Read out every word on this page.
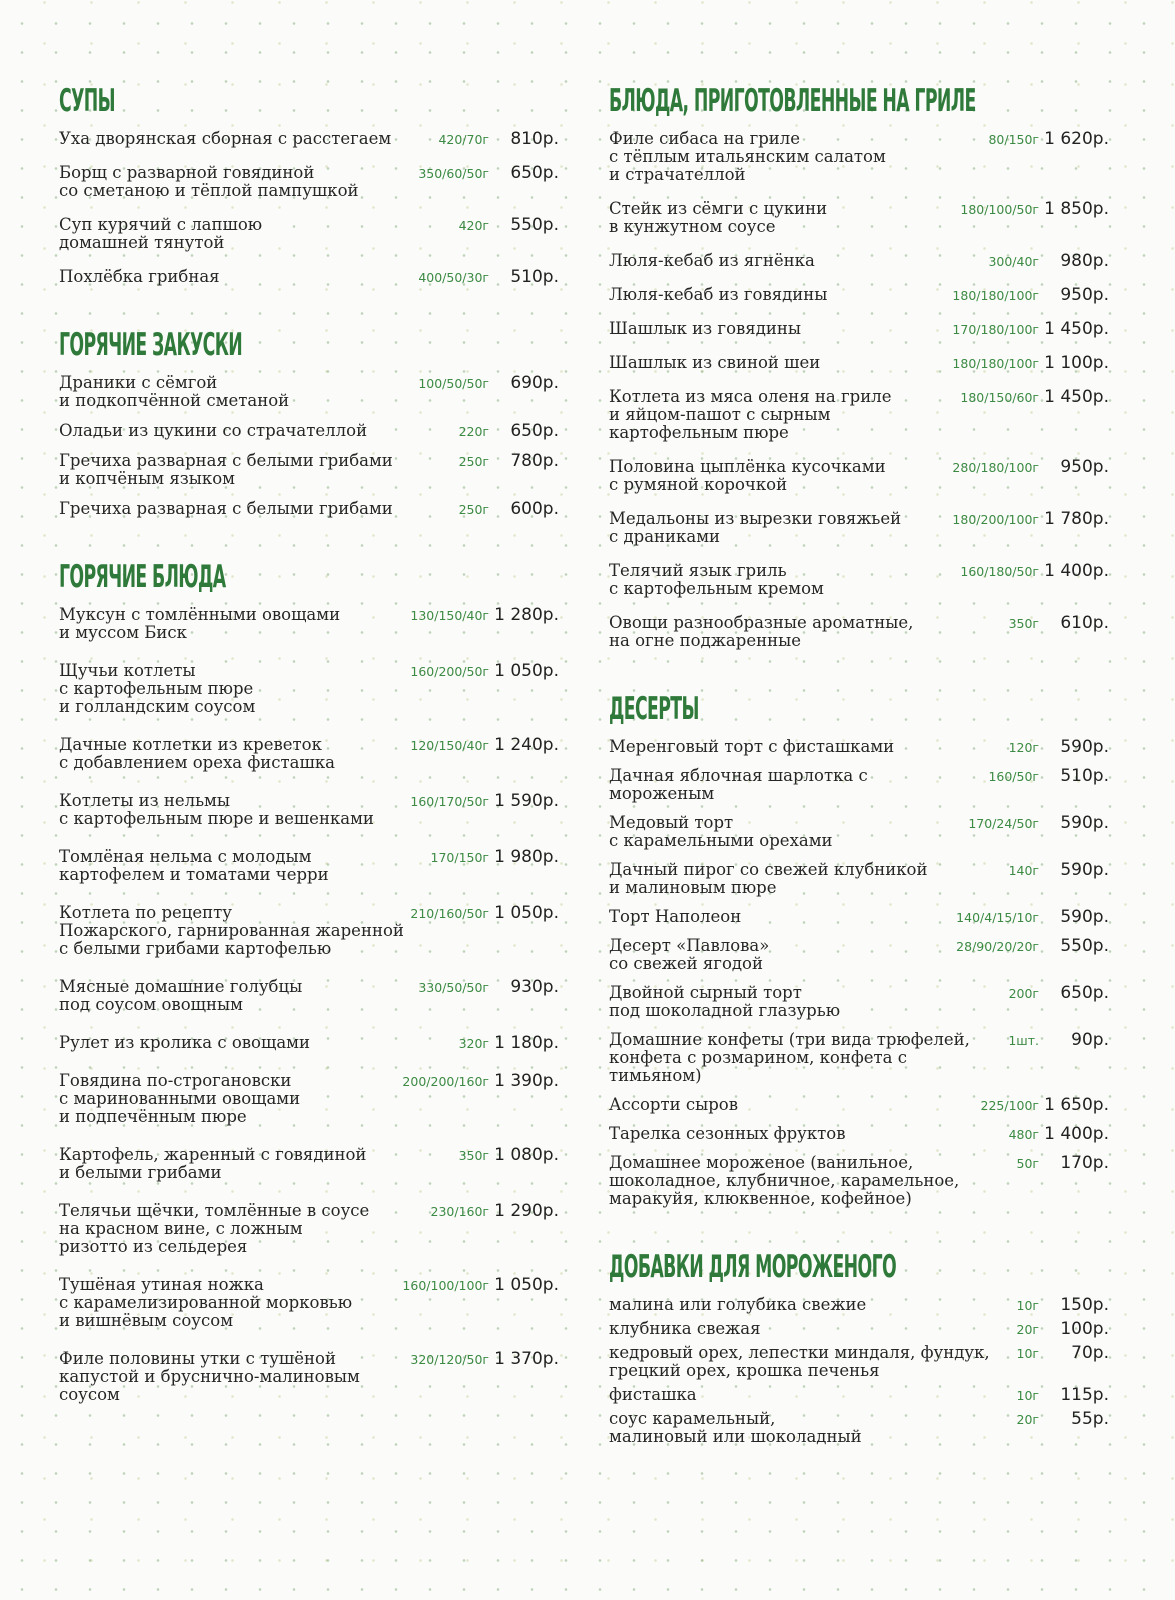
СУПЫ
Уха дворянская сборная с расстегаем	420/70г 810р.
Борщ с разварной говядиной
со сметаною и тёплой пампушкой
350/60/50г 650р.
Суп курячий с лапшою
домашней тянутой
420г 550р.
Похлёбка грибная	400/50/30г 510р.
ГОРЯЧИЕ ЗАКУСКИ
Драники с сёмгой
и подкопчённой сметаной
100/50/50г 690р.
Оладьи из цукини со страчателлой	220г 650р.
Гречиха разварная с белыми грибами
и копчёным языком
250г 780р.
Гречиха разварная с белыми грибами	250г 600р.
ГОРЯЧИЕ БЛЮДА
Муксун с томлёнными овощами
и муссом Биск
130/150/40г 1 280р.
Щучьи котлеты
с картофельным пюре
и голландским соусом
160/200/50г 1 050р.
Дачные котлетки из креветок
с добавлением ореха фисташка
120/150/40г 1 240р.
Котлеты из нельмы
с картофельным пюре и вешенками
160/170/50г 1 590р.
Томлёная нельма с молодым
картофелем и томатами черри
170/150г 1 980р.
Котлета по рецепту
Пожарского, гарнированная жаренной
с белыми грибами картофелью
210/160/50г 1 050р.
Мясные домашние голубцы
под соусом овощным
330/50/50г 930р.
Рулет из кролика с овощами	320г 1 180р.
Говядина по-строгановски
с маринованными овощами
и подпечённым пюре
200/200/160г 1 390р.
Картофель, жаренный с говядиной
и белыми грибами
350г 1 080р.
Телячьи щёчки, томлённые в соусе
на красном вине, с ложным
ризотто из сельдерея
230/160г 1 290р.
Тушёная утиная ножка
с карамелизированной морковью
и вишнёвым соусом
160/100/100г 1 050р.
Филе половины утки с тушёной
капустой и бруснично-малиновым
соусом
320/120/50г 1 370р.
БЛЮДА, ПРИГОТОВЛЕННЫЕ НА ГРИЛЕ
Филе сибаса на гриле
с тёплым итальянским салатом
и страчателлой
80/150г 1 620р.
Стейк из сёмги с цукини
в кунжутном соусе
180/100/50г 1 850р.
Люля-кебаб из ягнёнка	300/40г 980р.
Люля-кебаб из говядины	180/180/100г 950р.
Шашлык из говядины	170/180/100г 1 450р.
Шашлык из свиной шеи	180/180/100г 1 100р.
Котлета из мяса оленя на гриле
и яйцом-пашот с сырным
картофельным пюре
180/150/60г 1 450р.
Половина цыплёнка кусочками
с румяной корочкой
280/180/100г 950р.
Медальоны из вырезки говяжьей
с драниками
180/200/100г 1 780р.
Телячий язык гриль
с картофельным кремом
160/180/50г 1 400р.
Овощи разнообразные ароматные,
на огне поджаренные
350г 610р.
ДЕСЕРТЫ
Меренговый торт с фисташками	120г 590р.
Дачная яблочная шарлотка с мороженым
160/50г 510р.
Медовый торт
с карамельными орехами
170/24/50г 590р.
Дачный пирог со свежей клубникой
и малиновым пюре
140г 590р.
Торт Наполеон	140/4/15/10г 590р.
Десерт «Павлова»
со свежей ягодой
28/90/20/20г 550р.
Двойной сырный торт
под шоколадной глазурью
200г 650р.
Домашние конфеты (три вида трюфелей,
конфета с розмарином, конфета с тимьяном)
1шт. 90р.
Ассорти сыров	225/100г 1 650р.
Тарелка сезонных фруктов	480г 1 400р.
Домашнее мороженое (ванильное,
шоколадное, клубничное, карамельное,
маракуйя, клюквенное, кофейное)
50г 170р.
ДОБАВКИ ДЛЯ МОРОЖЕНОГО
малина или голубика свежие	10г 150р.
клубника свежая	20г 100р.
кедровый орех, лепестки миндаля, фундук,
грецкий орех, крошка печенья
10г 70р.
фисташка	10г 115р.
соус карамельный,
малиновый или шоколадный
20г 55р.
